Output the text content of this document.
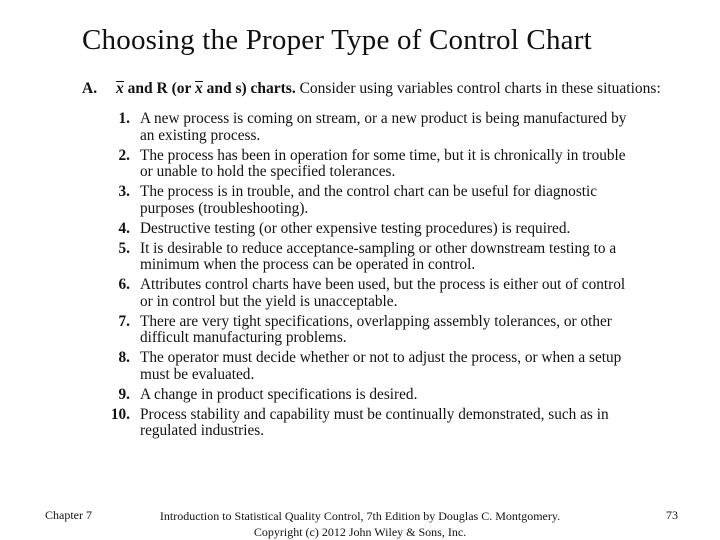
Choosing the Proper Type of Control Chart
A. x and R (or x and s) charts. Consider using variables control charts in these situations:
1. A new process is coming on stream, or a new product is being manufactured by an existing process.
2. The process has been in operation for some time, but it is chronically in trouble or unable to hold the specified tolerances.
3. The process is in trouble, and the control chart can be useful for diagnostic purposes (troubleshooting).
4. Destructive testing (or other expensive testing procedures) is required.
5. It is desirable to reduce acceptance-sampling or other downstream testing to a minimum when the process can be operated in control.
6. Attributes control charts have been used, but the process is either out of control or in control but the yield is unacceptable.
7. There are very tight specifications, overlapping assembly tolerances, or other difficult manufacturing problems.
8. The operator must decide whether or not to adjust the process, or when a setup must be evaluated.
9. A change in product specifications is desired.
10. Process stability and capability must be continually demonstrated, such as in regulated industries.
Chapter 7	Introduction to Statistical Quality Control, 7th Edition by Douglas C. Montgomery.
Copyright (c) 2012 John Wiley & Sons, Inc.
73
